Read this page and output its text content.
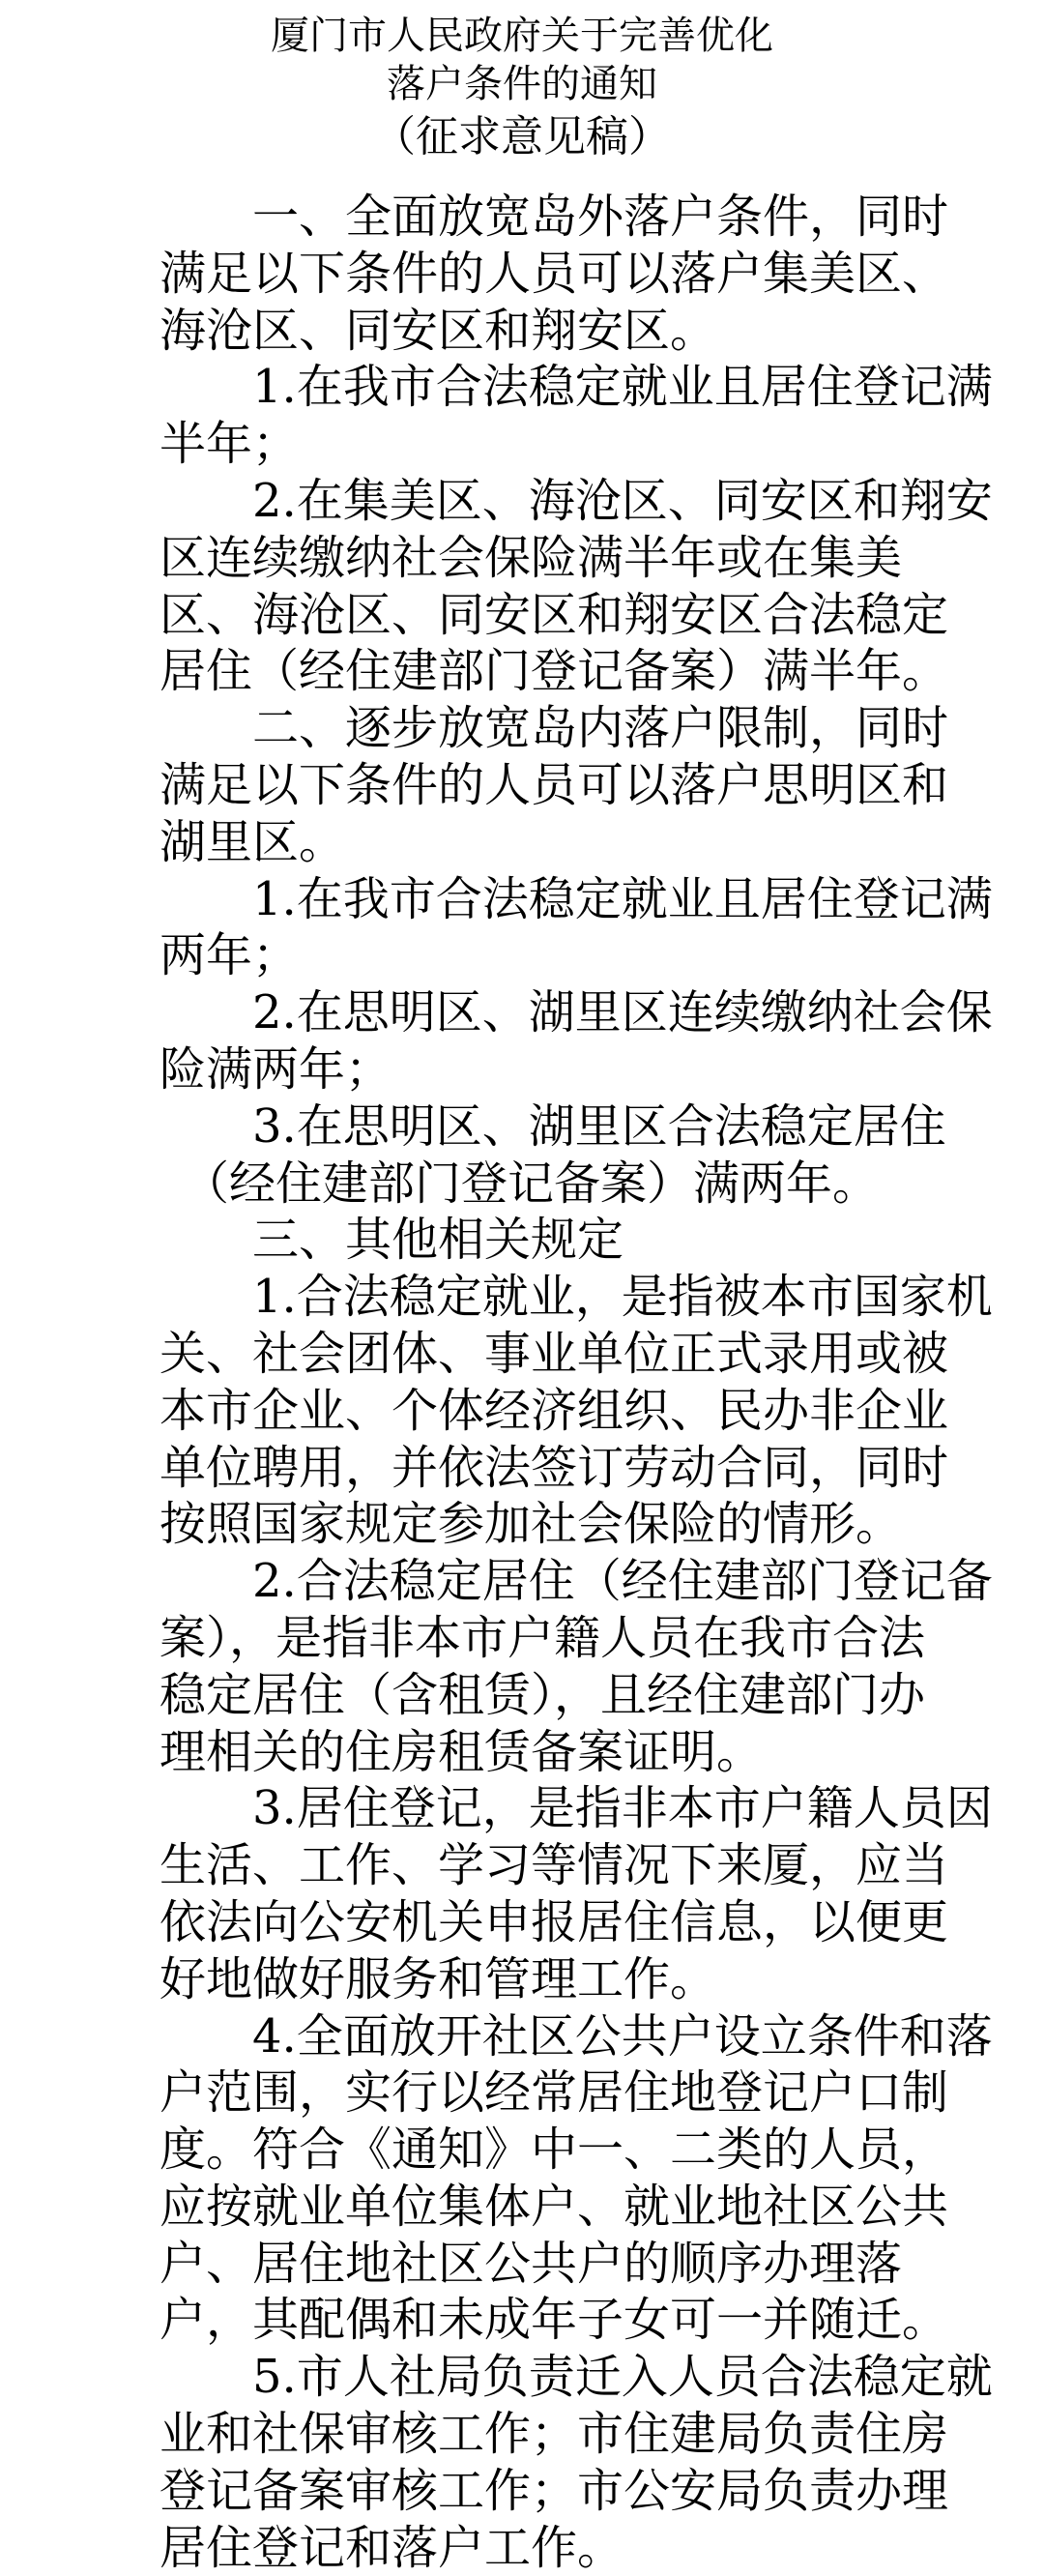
厦门市人民政府关于完善优化
落户条件的通知
（征求意见稿）
　　一、全面放宽岛外落户条件，同时
满足以下条件的人员可以落户集美区、
海沧区、同安区和翔安区。
　　1.在我市合法稳定就业且居住登记满
半年；
　　2.在集美区、海沧区、同安区和翔安
区连续缴纳社会保险满半年或在集美
区、海沧区、同安区和翔安区合法稳定
居住（经住建部门登记备案）满半年。
　　二、逐步放宽岛内落户限制，同时
满足以下条件的人员可以落户思明区和
湖里区。
　　1.在我市合法稳定就业且居住登记满
两年；
　　2.在思明区、湖里区连续缴纳社会保
险满两年；
　　3.在思明区、湖里区合法稳定居住
　（经住建部门登记备案）满两年。
　　三、其他相关规定
　　1.合法稳定就业，是指被本市国家机
关、社会团体、事业单位正式录用或被
本市企业、个体经济组织、民办非企业
单位聘用，并依法签订劳动合同，同时
按照国家规定参加社会保险的情形。
　　2.合法稳定居住（经住建部门登记备
案），是指非本市户籍人员在我市合法
稳定居住（含租赁），且经住建部门办
理相关的住房租赁备案证明。
　　3.居住登记，是指非本市户籍人员因
生活、工作、学习等情况下来厦，应当
依法向公安机关申报居住信息，以便更
好地做好服务和管理工作。
　　4.全面放开社区公共户设立条件和落
户范围，实行以经常居住地登记户口制
度。符合《通知》中一、二类的人员，
应按就业单位集体户、就业地社区公共
户、居住地社区公共户的顺序办理落
户，其配偶和未成年子女可一并随迁。
　　5.市人社局负责迁入人员合法稳定就
业和社保审核工作；市住建局负责住房
登记备案审核工作；市公安局负责办理
居住登记和落户工作。
